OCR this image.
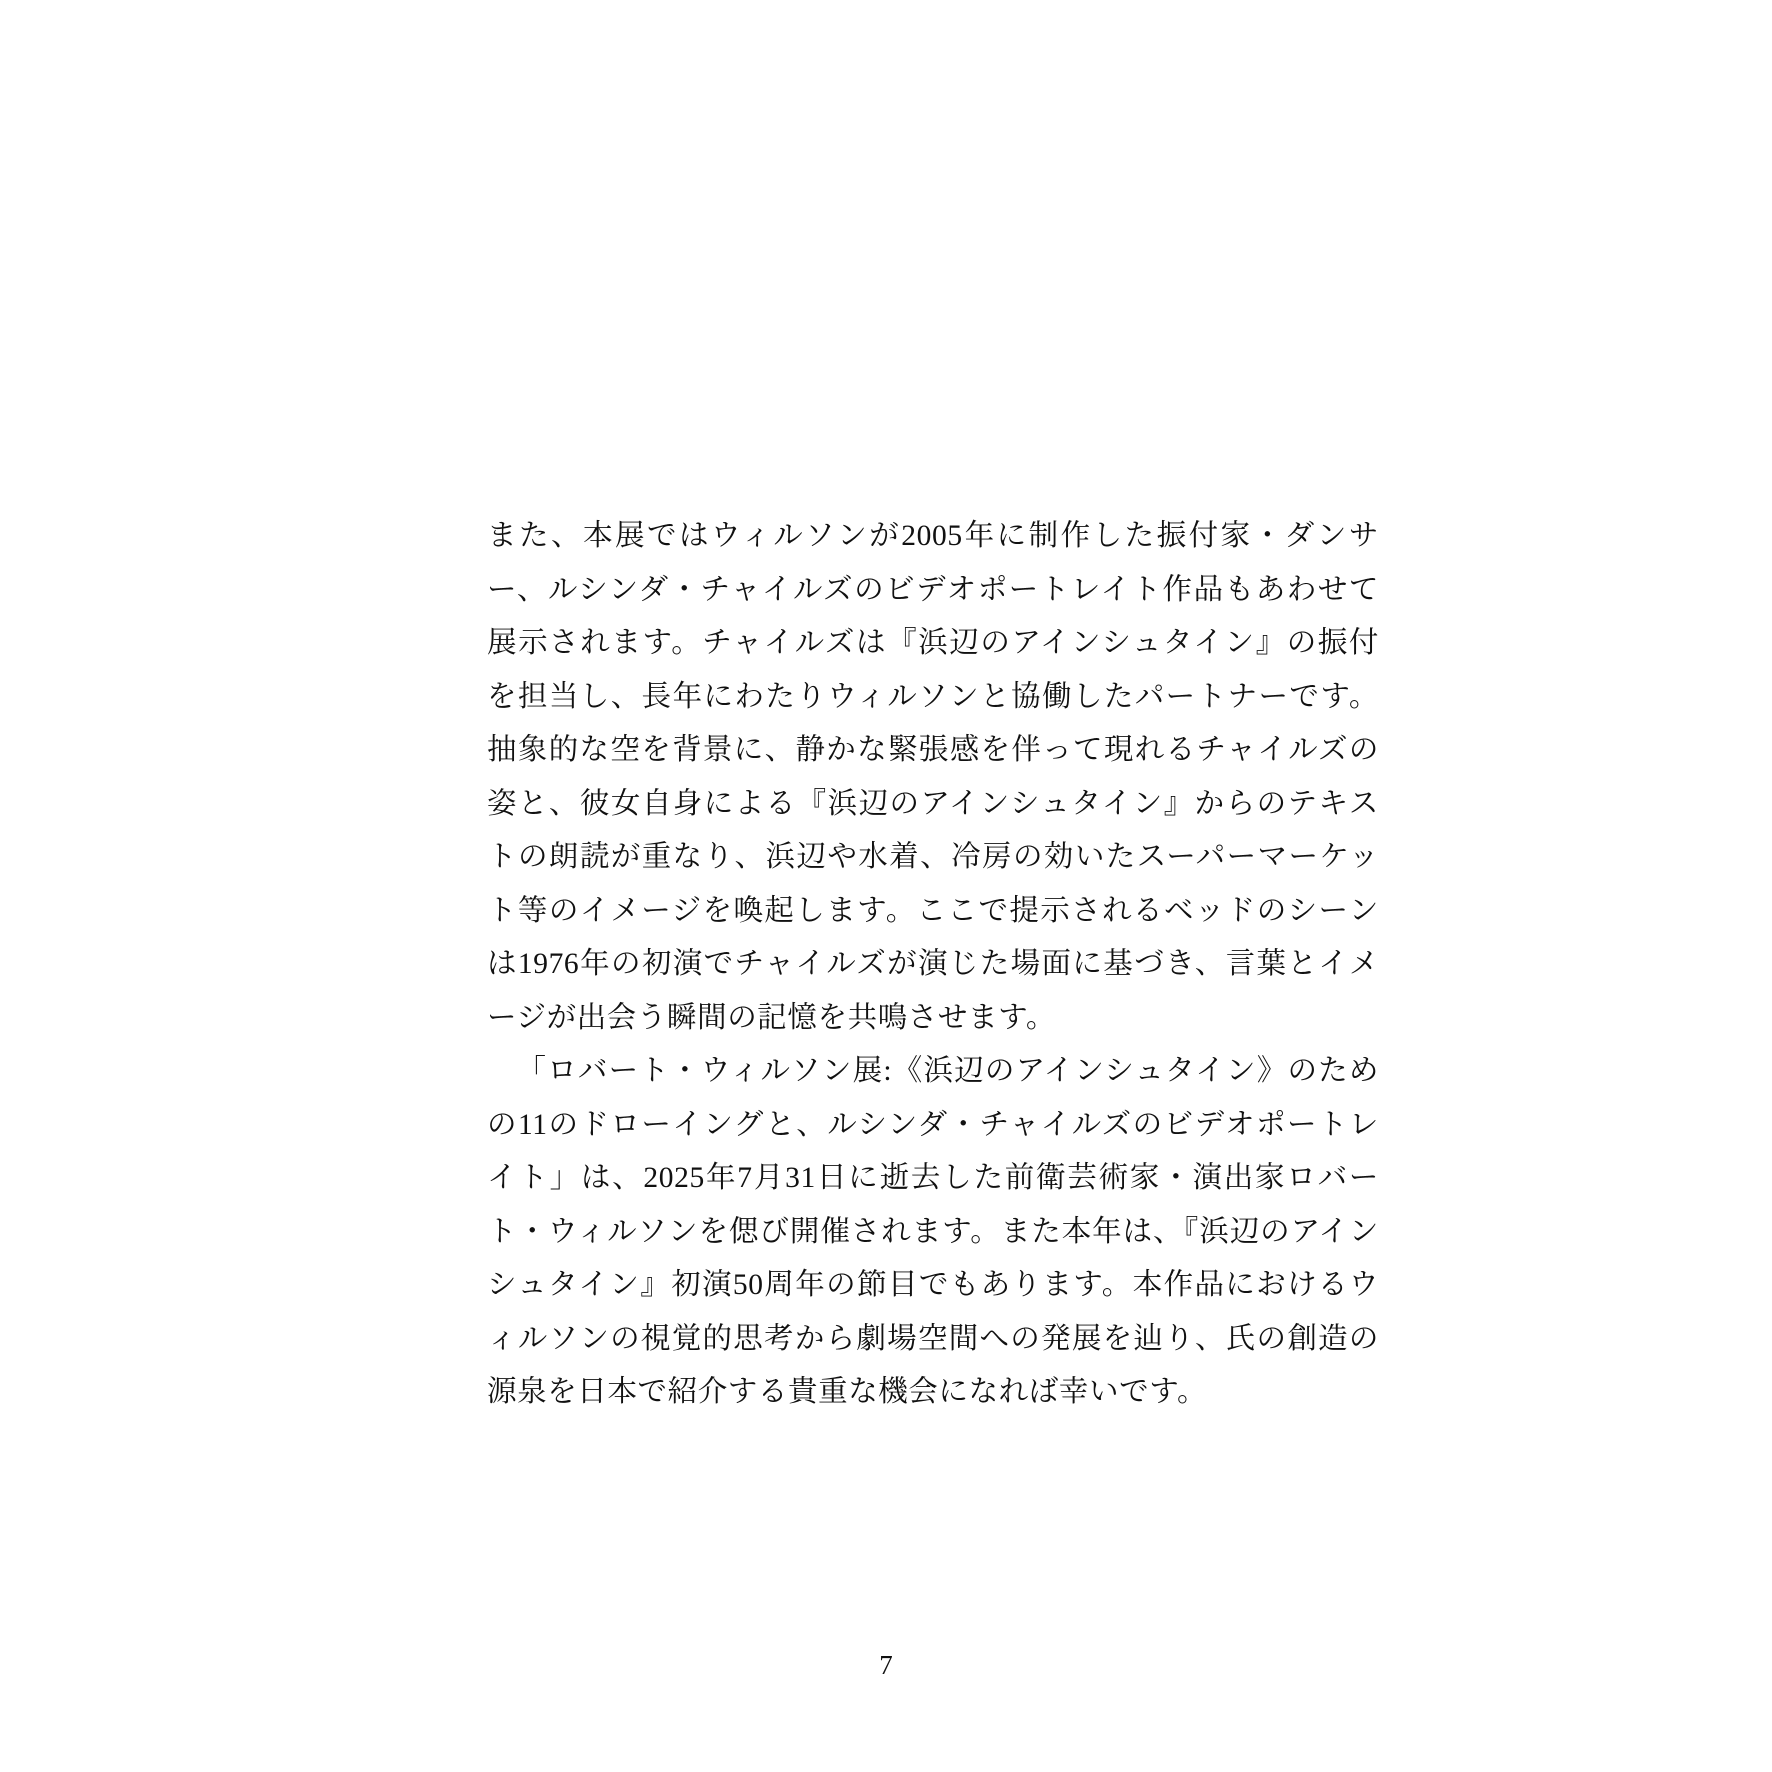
また、本展ではウィルソンが2005年に制作した振付家・ダンサー、ルシンダ・チャイルズのビデオポートレイト作品もあわせて展示されます。チャイルズは『浜辺のアインシュタイン』の振付を担当し、長年にわたりウィルソンと協働したパートナーです。抽象的な空を背景に、静かな緊張感を伴って現れるチャイルズの姿と、彼女自身による『浜辺のアインシュタイン』からのテキストの朗読が重なり、浜辺や水着、冷房の効いたスーパーマーケット等のイメージを喚起します。ここで提示されるベッドのシーンは1976年の初演でチャイルズが演じた場面に基づき、言葉とイメージが出会う瞬間の記憶を共鳴させます。

「ロバート・ウィルソン展:《浜辺のアインシュタイン》のための11のドローイングと、ルシンダ・チャイルズのビデオポートレイト」は、2025年7月31日に逝去した前衛芸術家・演出家ロバート・ウィルソンを偲び開催されます。また本年は、『浜辺のアインシュタイン』初演50周年の節目でもあります。本作品におけるウィルソンの視覚的思考から劇場空間への発展を辿り、氏の創造の源泉を日本で紹介する貴重な機会になれば幸いです。

7
